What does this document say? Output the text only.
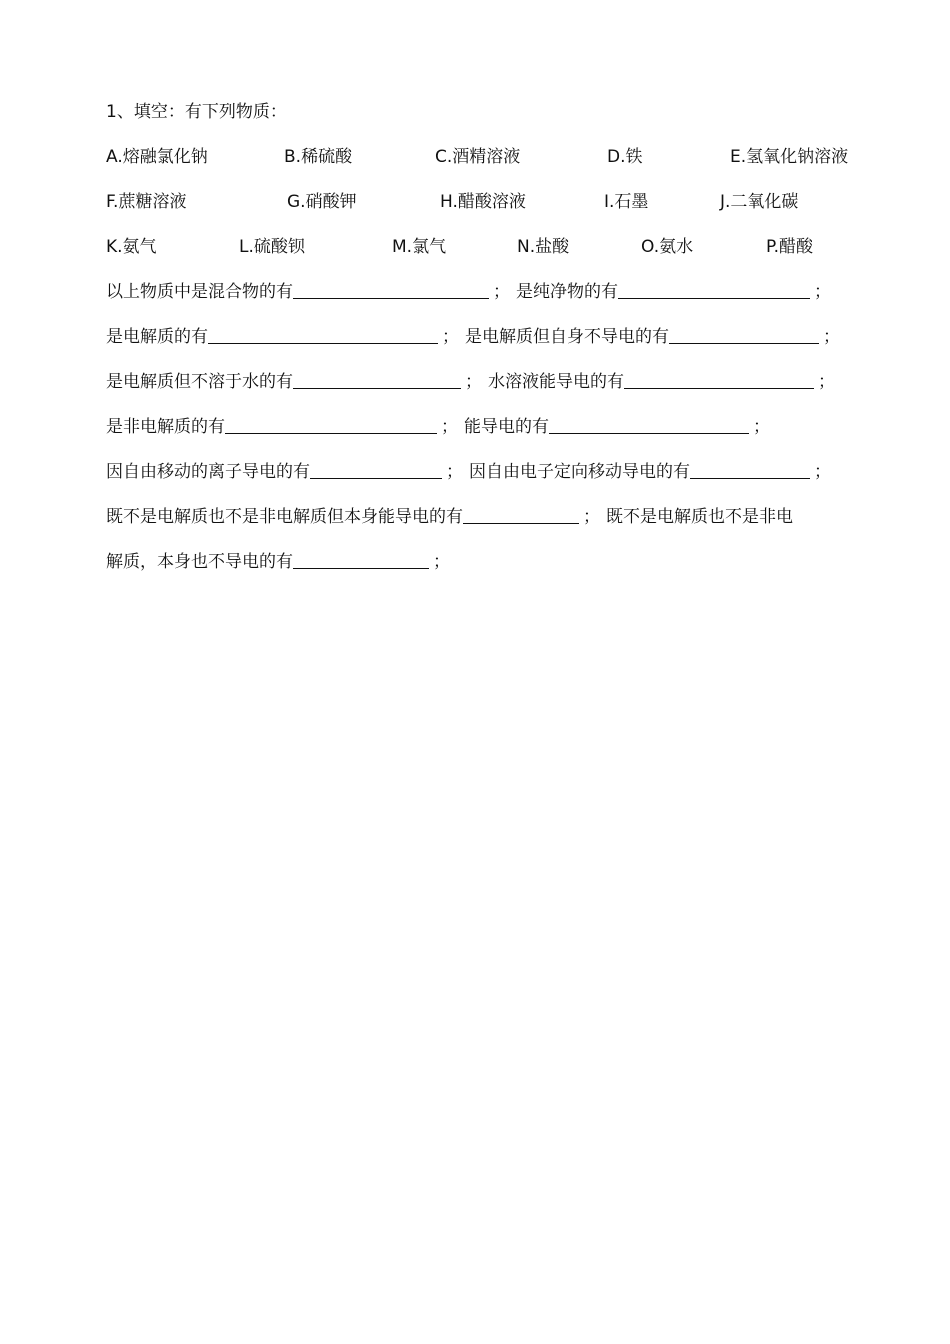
1、填空：有下列物质：
A.熔融氯化钠	B.稀硫酸	C.酒精溶液	D.铁	E.氢氧化钠溶液
F.蔗糖溶液	G.硝酸钾	H.醋酸溶液	I.石墨	J.二氧化碳
K.氨气	L.硫酸钡	M.氯气	N.盐酸	O.氨水	P.醋酸
以上物质中是混合物的有	； 是纯净物的有	；
是电解质的有	； 是电解质但自身不导电的有	；
是电解质但不溶于水的有	； 水溶液能导电的有	；
是非电解质的有	； 能导电的有	；
因自由移动的离子导电的有	； 因自由电子定向移动导电的有	；
既不是电解质也不是非电解质但本身能导电的有	； 既不是电解质也不是非电
解质，本身也不导电的有	；
